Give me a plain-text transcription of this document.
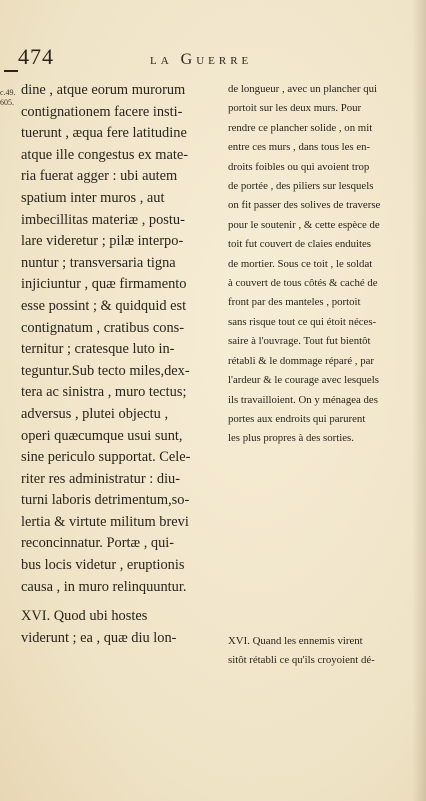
474	la Guerre
c.49.
605.
dine , atque eorum murorum
contignationem facere insti-
tuerunt , æqua fere latitudine
atque ille congestus ex mate-
ria fuerat agger : ubi autem
spatium inter muros , aut
imbecillitas materiæ , postu-
lare videretur ; pilæ interpo-
nuntur ; transversaria tigna
injiciuntur , quæ firmamento
esse possint ; & quidquid est
contignatum , cratibus cons-
ternitur ; cratesque luto in-
teguntur.Sub tecto miles,dex-
tera ac sinistra , muro tectus;
adversus , plutei objectu ,
operi quæcumque usui sunt,
sine periculo supportat. Cele-
riter res administratur : diu-
turni laboris detrimentum,so-
lertia & virtute militum brevi
reconcinnatur. Portæ , qui-
bus locis videtur , eruptionis
causa , in muro relinquuntur.
XVI. Quod ubi hostes
viderunt ; ea , quæ diu lon-
de longueur , avec un plancher qui
portoit sur les deux murs. Pour
rendre ce plancher solide , on mit
entre ces murs , dans tous les en-
droits foibles ou qui avoient trop
de portée , des piliers sur lesquels
on fit passer des solives de traverse
pour le soutenir , & cette espèce de
toit fut couvert de claies enduites
de mortier. Sous ce toit , le soldat
à couvert de tous côtés & caché de
front par des manteles , portoit
sans risque tout ce qui étoit néces-
saire à l'ouvrage. Tout fut bientôt
rétabli & le dommage réparé , par
l'ardeur & le courage avec lesquels
ils travailloient. On y ménagea des
portes aux endroits qui parurent
les plus propres à des sorties.
XVI. Quand les ennemis virent
sitôt rétabli ce qu'ils croyoient dé-
